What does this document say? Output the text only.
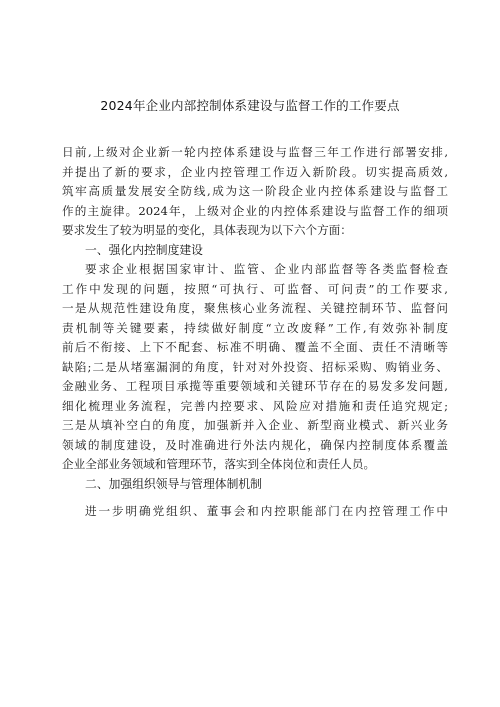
2024年企业内部控制体系建设与监督工作的工作要点
日前,上级对企业新一轮内控体系建设与监督三年工作进行部署安排,
并提出了新的要求，企业内控管理工作迈入新阶段。切实提高质效,
筑牢高质量发展安全防线,成为这一阶段企业内控体系建设与监督工
作的主旋律。2024年，上级对企业的内控体系建设与监督工作的细项
要求发生了较为明显的变化，具体表现为以下六个方面：
一、强化内控制度建设
要求企业根据国家审计、监管、企业内部监督等各类监督检查
工作中发现的问题，按照“可执行、可监督、可问责”的工作要求,
一是从规范性建设角度，聚焦核心业务流程、关键控制环节、监督问
责机制等关键要素，持续做好制度“立改废释”工作,有效弥补制度
前后不衔接、上下不配套、标准不明确、覆盖不全面、责任不清晰等
缺陷;二是从堵塞漏洞的角度，针对对外投资、招标采购、购销业务、
金融业务、工程项目承揽等重要领域和关键环节存在的易发多发问题,
细化梳理业务流程，完善内控要求、风险应对措施和责任追究规定;
三是从填补空白的角度，加强新并入企业、新型商业模式、新兴业务
领域的制度建设，及时准确进行外法内规化，确保内控制度体系覆盖
企业全部业务领域和管理环节，落实到全体岗位和责任人员。
二、加强组织领导与管理体制机制
进一步明确党组织、董事会和内控职能部门在内控管理工作中
